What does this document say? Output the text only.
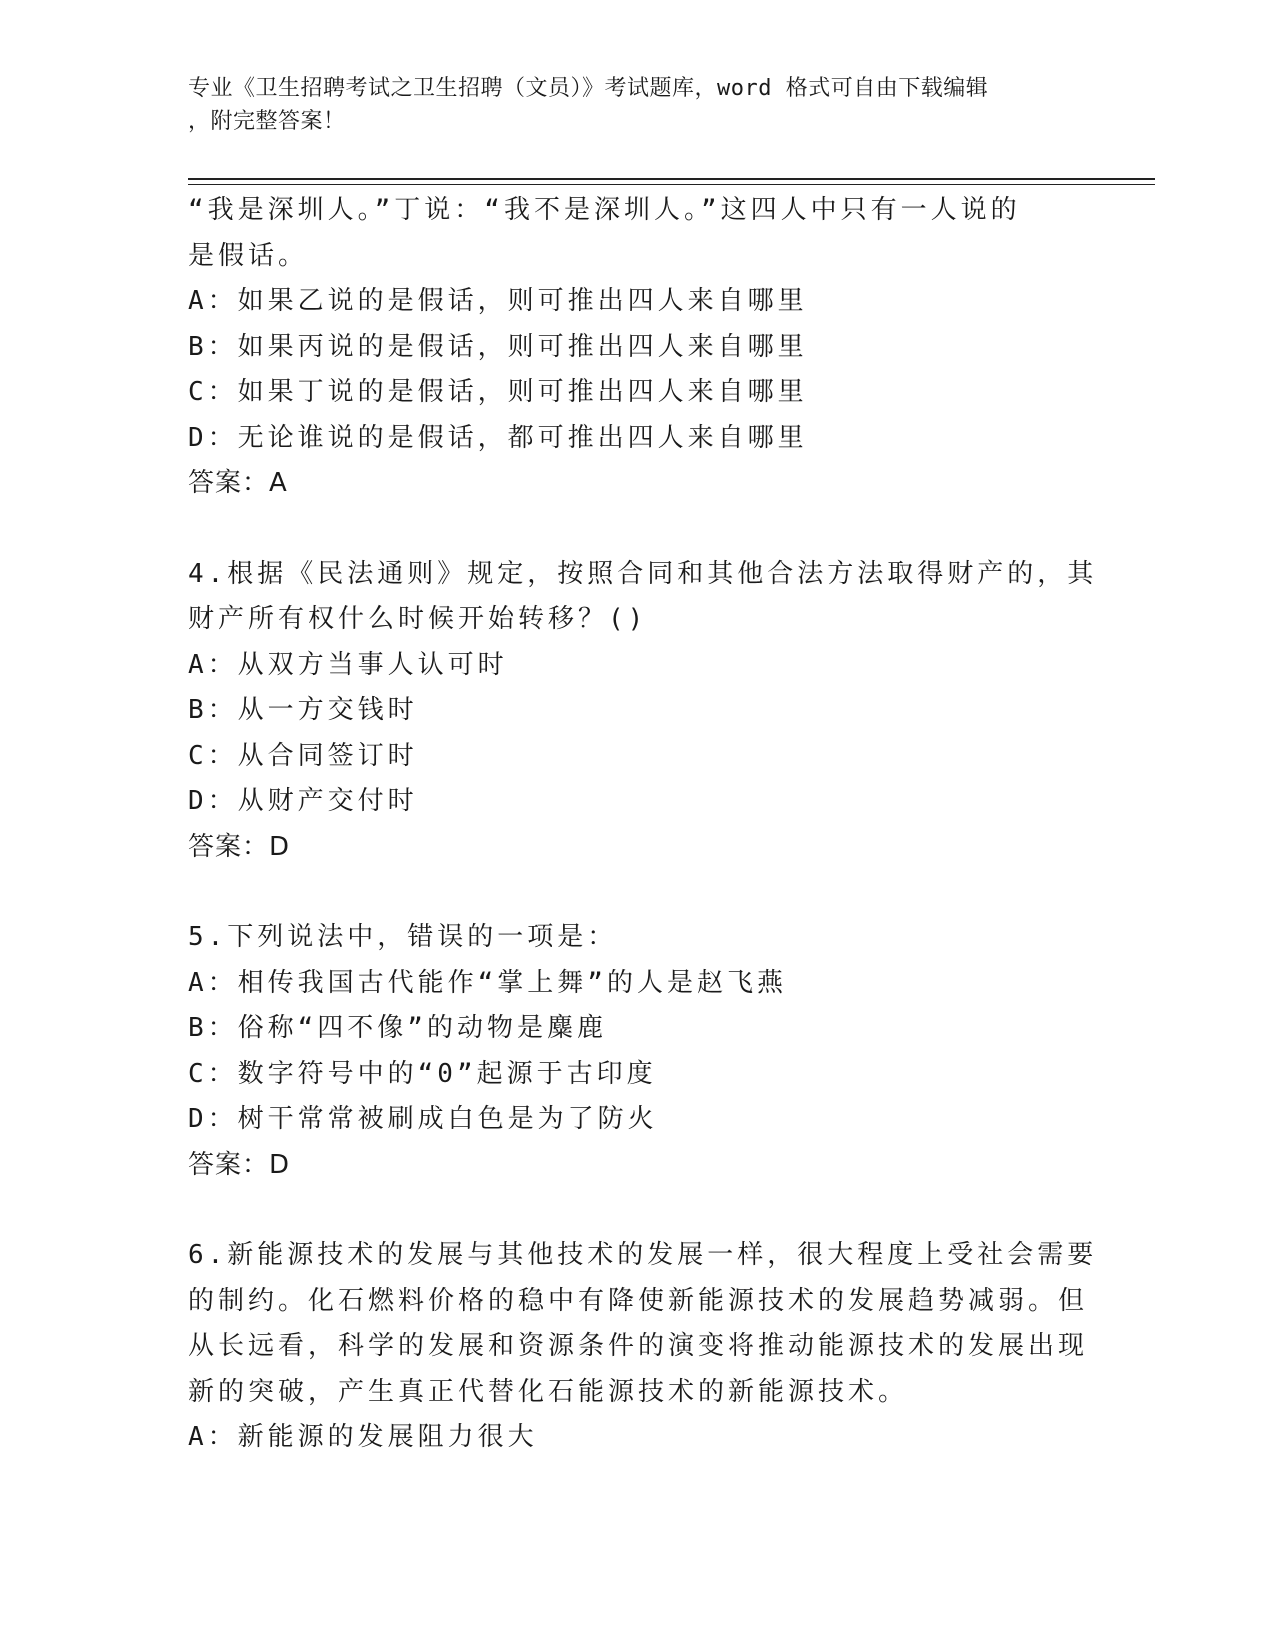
专业《卫生招聘考试之卫生招聘（文员）》考试题库，word 格式可自由下载编辑
，附完整答案！
“我是深圳人。”丁说：“我不是深圳人。”这四人中只有一人说的
是假话。
A：如果乙说的是假话，则可推出四人来自哪里
B：如果丙说的是假话，则可推出四人来自哪里
C：如果丁说的是假话，则可推出四人来自哪里
D：无论谁说的是假话，都可推出四人来自哪里
答案：A
4.根据《民法通则》规定，按照合同和其他合法方法取得财产的，其
财产所有权什么时候开始转移？()
A：从双方当事人认可时
B：从一方交钱时
C：从合同签订时
D：从财产交付时
答案：D
5.下列说法中，错误的一项是：
A：相传我国古代能作“掌上舞”的人是赵飞燕
B：俗称“四不像”的动物是麋鹿
C：数字符号中的“0”起源于古印度
D：树干常常被刷成白色是为了防火
答案：D
6.新能源技术的发展与其他技术的发展一样，很大程度上受社会需要
的制约。化石燃料价格的稳中有降使新能源技术的发展趋势减弱。但
从长远看，科学的发展和资源条件的演变将推动能源技术的发展出现
新的突破，产生真正代替化石能源技术的新能源技术。
A：新能源的发展阻力很大
